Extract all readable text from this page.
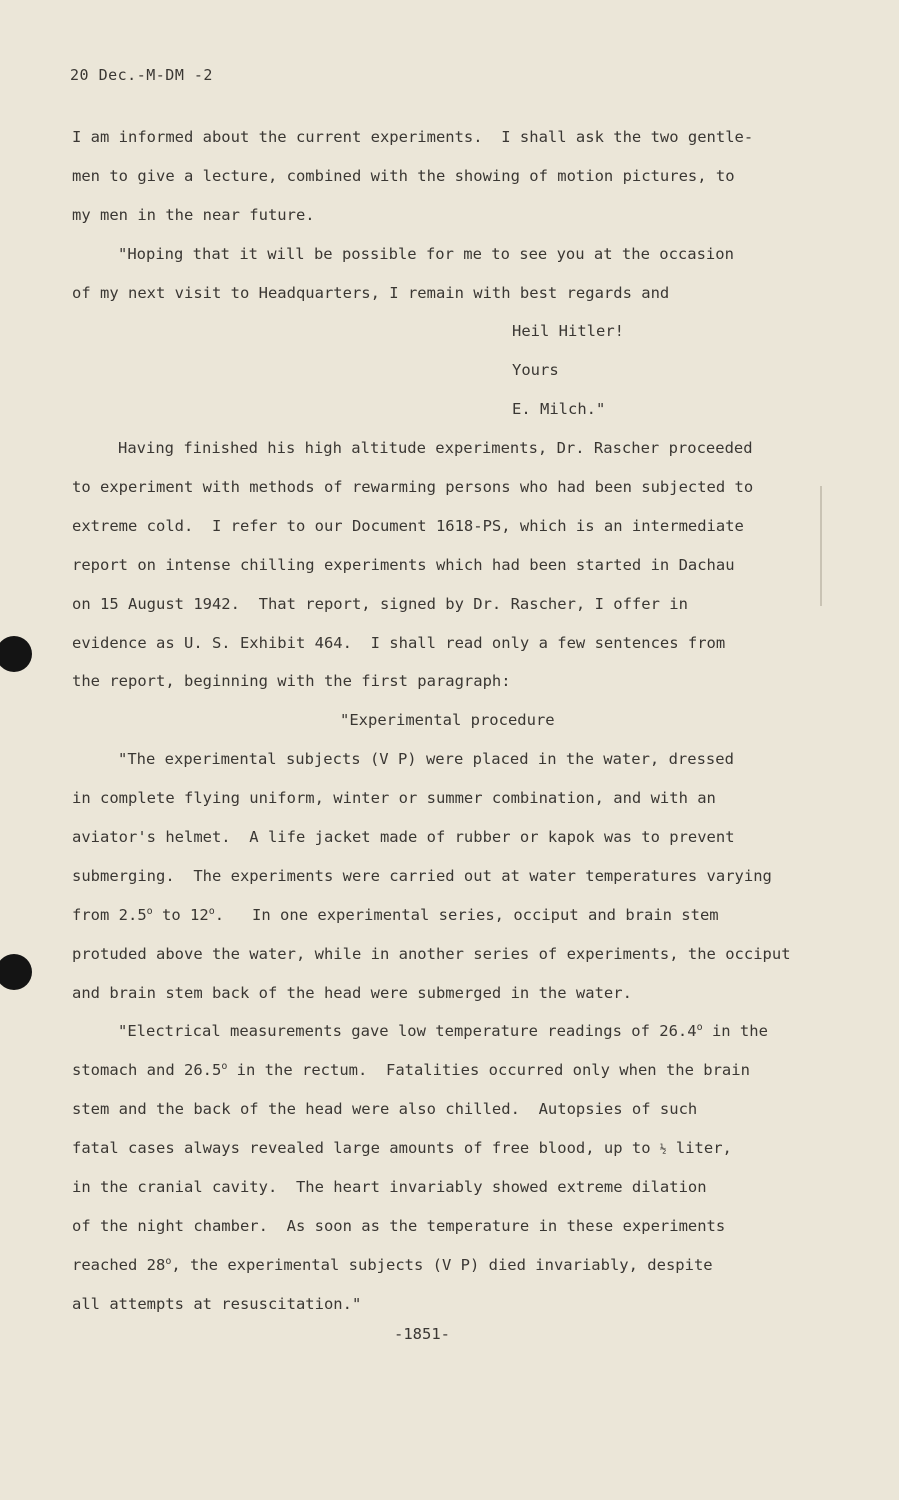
20 Dec.-M-DM -2
I am informed about the current experiments.  I shall ask the two gentle-
men to give a lecture, combined with the showing of motion pictures, to
my men in the near future.
"Hoping that it will be possible for me to see you at the occasion
of my next visit to Headquarters, I remain with best regards and
Heil Hitler!
Yours
E. Milch."
Having finished his high altitude experiments, Dr. Rascher proceeded
to experiment with methods of rewarming persons who had been subjected to
extreme cold.  I refer to our Document 1618-PS, which is an intermediate
report on intense chilling experiments which had been started in Dachau
on 15 August 1942.  That report, signed by Dr. Rascher, I offer in
evidence as U. S. Exhibit 464.  I shall read only a few sentences from
the report, beginning with the first paragraph:
"Experimental procedure
"The experimental subjects (V P) were placed in the water, dressed
in complete flying uniform, winter or summer combination, and with an
aviator's helmet.  A life jacket made of rubber or kapok was to prevent
submerging.  The experiments were carried out at water temperatures varying
from 2.5$^o$ to 12$^o$.   In one experimental series, occiput and brain stem
protuded above the water, while in another series of experiments, the occiput
and brain stem back of the head were submerged in the water.
"Electrical measurements gave low temperature readings of 26.4$^o$ in the
stomach and 26.5$^o$ in the rectum.  Fatalities occurred only when the brain
stem and the back of the head were also chilled.  Autopsies of such
fatal cases always revealed large amounts of free blood, up to ½ liter,
in the cranial cavity.  The heart invariably showed extreme dilation
of the night chamber.  As soon as the temperature in these experiments
reached 28$^o$, the experimental subjects (V P) died invariably, despite
all attempts at resuscitation."
-1851-
